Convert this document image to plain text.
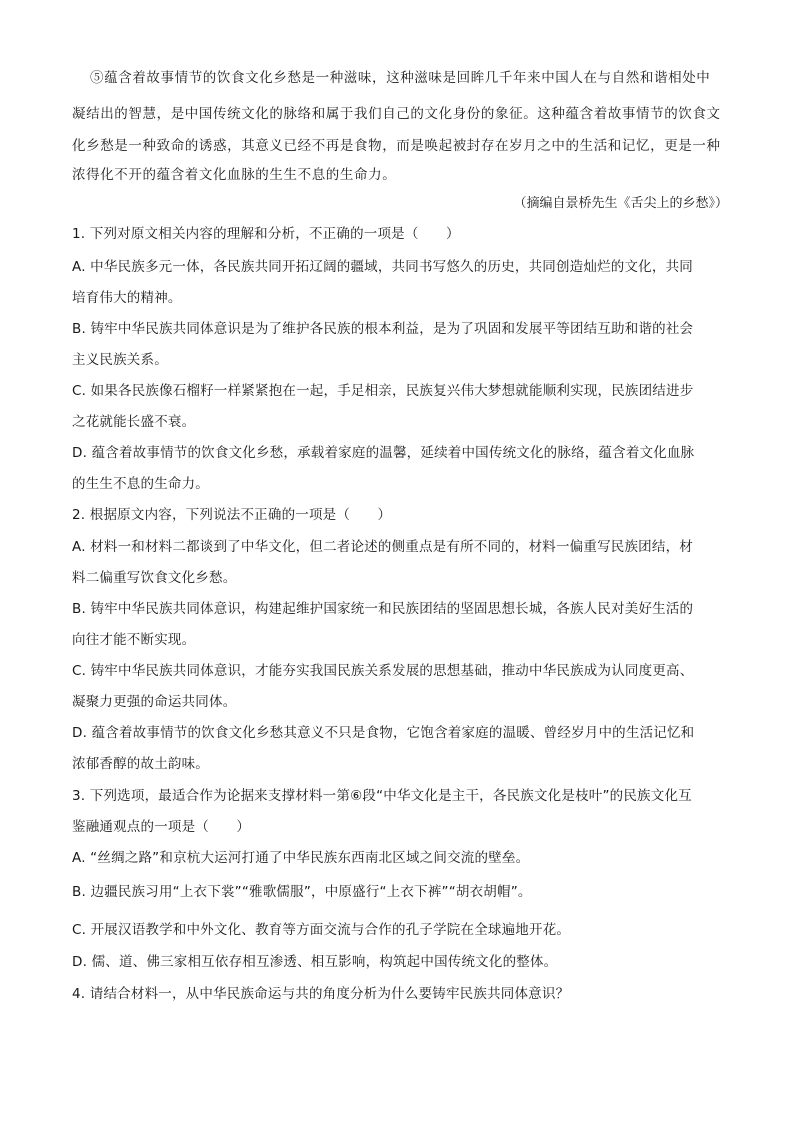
⑤蕴含着故事情节的饮食文化乡愁是一种滋味，这种滋味是回眸几千年来中国人在与自然和谐相处中
凝结出的智慧，是中国传统文化的脉络和属于我们自己的文化身份的象征。这种蕴含着故事情节的饮食文
化乡愁是一种致命的诱惑，其意义已经不再是食物，而是唤起被封存在岁月之中的生活和记忆，更是一种
浓得化不开的蕴含着文化血脉的生生不息的生命力。
（摘编自景桥先生《舌尖上的乡愁》）
1. 下列对原文相关内容的理解和分析，不正确的一项是（　　）
A. 中华民族多元一体，各民族共同开拓辽阔的疆域，共同书写悠久的历史，共同创造灿烂的文化，共同
培育伟大的精神。
B. 铸牢中华民族共同体意识是为了维护各民族的根本利益，是为了巩固和发展平等团结互助和谐的社会
主义民族关系。
C. 如果各民族像石榴籽一样紧紧抱在一起，手足相亲，民族复兴伟大梦想就能顺利实现，民族团结进步
之花就能长盛不衰。
D. 蕴含着故事情节的饮食文化乡愁，承载着家庭的温馨，延续着中国传统文化的脉络，蕴含着文化血脉
的生生不息的生命力。
2. 根据原文内容，下列说法不正确的一项是（　　）
A. 材料一和材料二都谈到了中华文化，但二者论述的侧重点是有所不同的，材料一偏重写民族团结，材
料二偏重写饮食文化乡愁。
B. 铸牢中华民族共同体意识，构建起维护国家统一和民族团结的坚固思想长城，各族人民对美好生活的
向往才能不断实现。
C. 铸牢中华民族共同体意识，才能夯实我国民族关系发展的思想基础，推动中华民族成为认同度更高、
凝聚力更强的命运共同体。
D. 蕴含着故事情节的饮食文化乡愁其意义不只是食物，它饱含着家庭的温暖、曾经岁月中的生活记忆和
浓郁香醇的故土韵味。
3. 下列选项，最适合作为论据来支撑材料一第⑥段“中华文化是主干，各民族文化是枝叶”的民族文化互
鉴融通观点的一项是（　　）
A. “丝绸之路”和京杭大运河打通了中华民族东西南北区域之间交流的壁垒。
B. 边疆民族习用“上衣下裳”“雅歌儒服”，中原盛行“上衣下裤”“胡衣胡帽”。
C. 开展汉语教学和中外文化、教育等方面交流与合作的孔子学院在全球遍地开花。
D. 儒、道、佛三家相互依存相互渗透、相互影响，构筑起中国传统文化的整体。
4. 请结合材料一，从中华民族命运与共的角度分析为什么要铸牢民族共同体意识？
